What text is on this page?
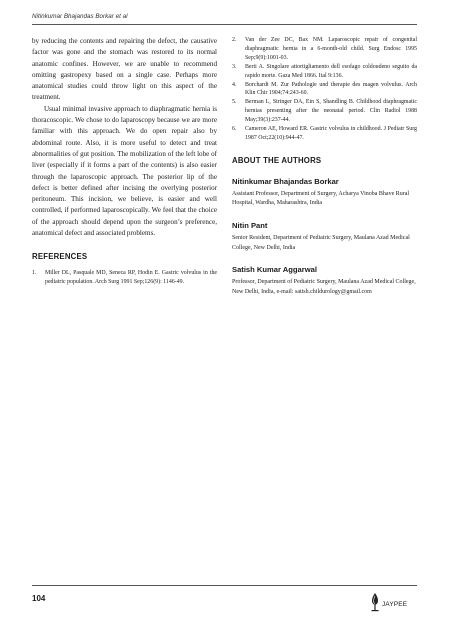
Nitinkumar Bhajandas Borkar et al

by reducing the contents and repairing the defect, the causative factor was gone and the stomach was restored to its normal anatomic confines. However, we are unable to recommend omitting gastropexy based on a single case. Perhaps more anatomical studies could throw light on this aspect of the treatment.

Usual minimal invasive approach to diaphragmatic hernia is thoracoscopic. We chose to do laparoscopy because we are more familiar with this approach. We do open repair also by abdominal route. Also, it is more useful to detect and treat abnormalities of gut position. The mobilization of the left lobe of liver (especially if it forms a part of the contents) is also easier through the laparoscopic approach. The posterior lip of the defect is better defined after incising the overlying posterior peritoneum. This incision, we believe, is easier and well controlled, if performed laparoscopically. We feel that the choice of the approach should depend upon the surgeon’s preference, anatomical defect and associated problems.

REFERENCES
1. Miller DL, Pasquale MD, Seneca RP, Hodin E. Gastric volvulus in the pediatric population. Arch Surg 1991 Sep;126(9): 1146-49.
2. Van der Zee DC, Bax NM. Laparoscopic repair of congenital diaphragmatic hernia in a 6-month-old child. Surg Endosc 1995 Sep;9(9):1001-03.
3. Berti A. Singolare attortigliamento dell esofago coldoudeno seguito da rapido morte. Gaza Med 1866. Ital 9:136.
4. Borchardt M. Zur Pathologie und therapie des magen volvulus. Arch Klin Chir 1904;74:243-60.
5. Berman L, Stringer DA, Ein S, Shandling B. Childhood diaphragmatic hernias presenting after the neonatal period. Clin Radiol 1988 May;39(3):237-44.
6. Cameron AE, Howard ER. Gastric volvulus in childhood. J Pediatr Surg 1987 Oct;22(10):944-47.
ABOUT THE AUTHORS
Nitinkumar Bhajandas Borkar

Assistant Professor, Department of Surgery, Acharya Vinoba Bhave Rural Hospital, Wardha, Maharashtra, India

Nitin Pant

Senior Resident, Department of Pediatric Surgery, Maulana Azad Medical College, New Delhi, India

Satish Kumar Aggarwal

Professor, Department of Pediatric Surgery, Maulana Azad Medical College, New Delhi, India, e-mail: satish.childurology@gmail.com

104
JAYPEE
